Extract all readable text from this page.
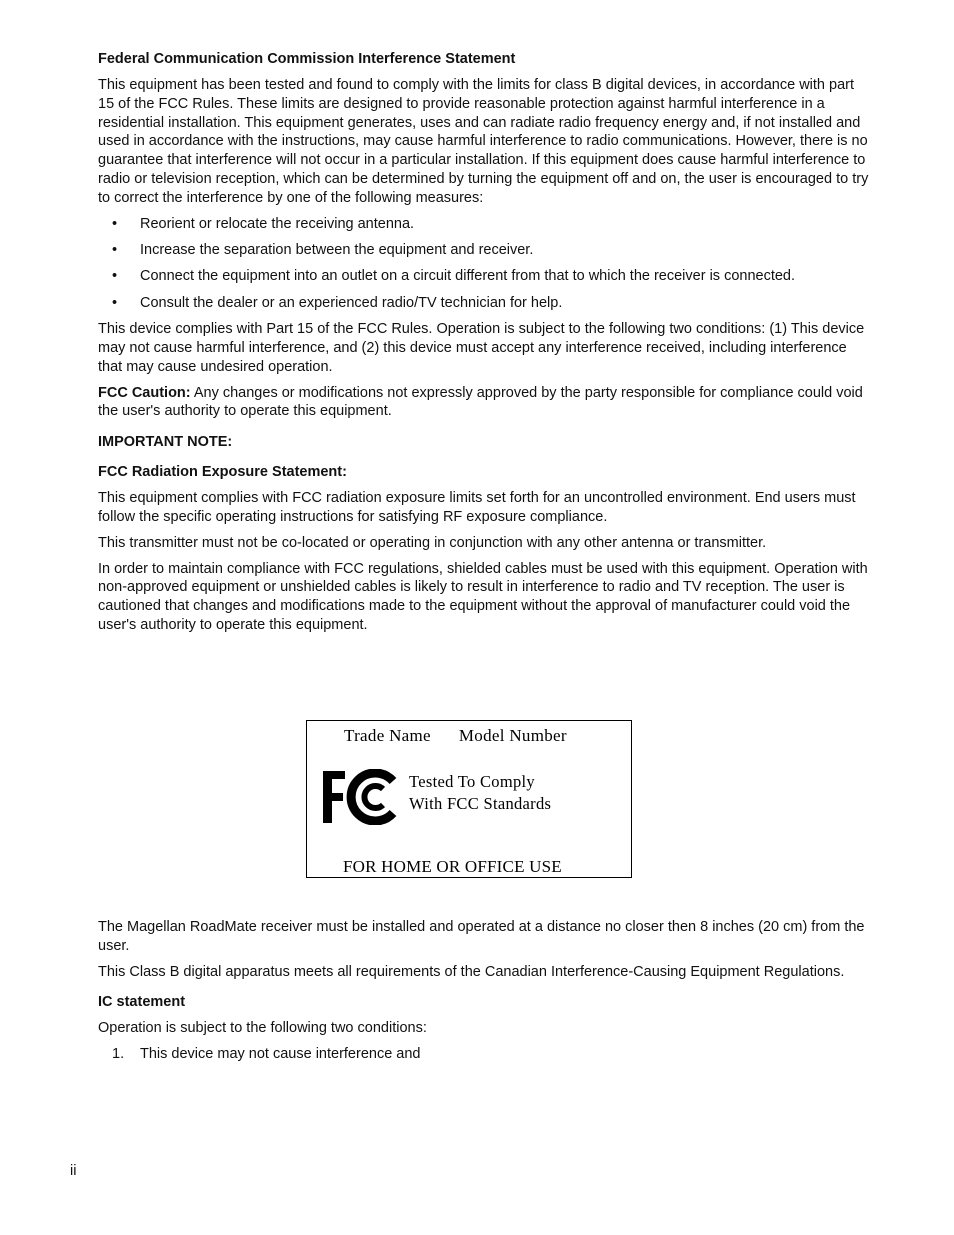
Federal Communication Commission Interference Statement
This equipment has been tested and found to comply with the limits for class B digital devices, in accordance with part 15 of the FCC Rules. These limits are designed to provide reasonable protection against harmful interference in a residential installation. This equipment generates, uses and can radiate radio frequency energy and, if not installed and used in accordance with the instructions, may cause harmful interference to radio communications. However, there is no guarantee that interference will not occur in a particular installation. If this equipment does cause harmful interference to radio or television reception, which can be determined by turning the equipment off and on, the user is encouraged to try to correct the interference by one of the following measures:
• Reorient or relocate the receiving antenna.
• Increase the separation between the equipment and receiver.
• Connect the equipment into an outlet on a circuit different from that to which the receiver is connected.
• Consult the dealer or an experienced radio/TV technician for help.
This device complies with Part 15 of the FCC Rules. Operation is subject to the following two conditions: (1) This device may not cause harmful interference, and (2) this device must accept any interference received, including interference that may cause undesired operation.
FCC Caution: Any changes or modifications not expressly approved by the party responsible for compliance could void the user's authority to operate this equipment.
IMPORTANT NOTE:
FCC Radiation Exposure Statement:
This equipment complies with FCC radiation exposure limits set forth for an uncontrolled environment. End users must follow the specific operating instructions for satisfying RF exposure compliance.
This transmitter must not be co-located or operating in conjunction with any other antenna or transmitter.
In order to maintain compliance with FCC regulations, shielded cables must be used with this equipment. Operation with non-approved equipment or unshielded cables is likely to result in interference to radio and TV reception. The user is cautioned that changes and modifications made to the equipment without the approval of manufacturer could void the user's authority to operate this equipment.
Trade Name Model Number
Tested To Comply
With FCC Standards
FOR HOME OR OFFICE USE
The Magellan RoadMate receiver must be installed and operated at a distance no closer then 8 inches (20 cm) from the user.
This Class B digital apparatus meets all requirements of the Canadian Interference-Causing Equipment Regulations.
IC statement
Operation is subject to the following two conditions:
1. This device may not cause interference and
ii
